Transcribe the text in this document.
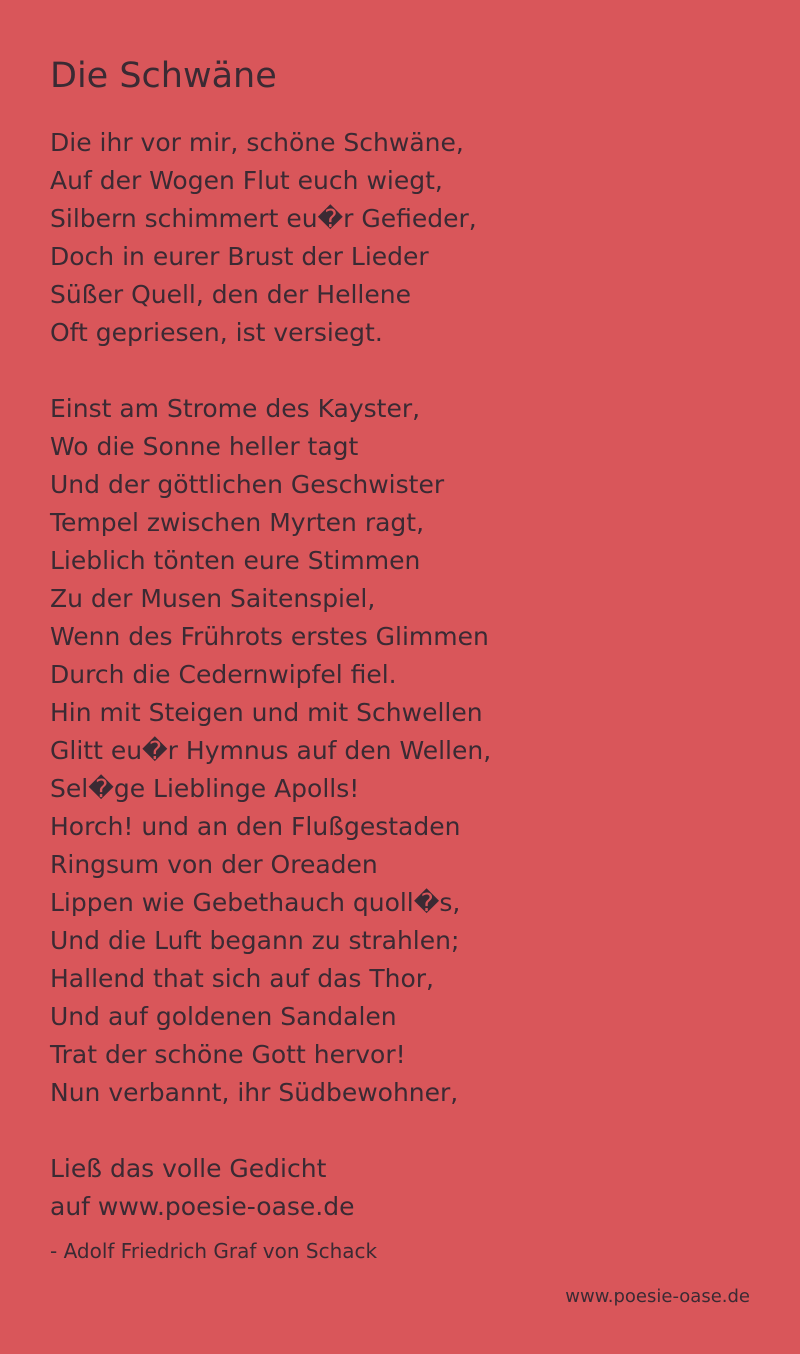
Die Schwäne
Die ihr vor mir, schöne Schwäne,
Auf der Wogen Flut euch wiegt,
Silbern schimmert eu�r Gefieder,
Doch in eurer Brust der Lieder
Süßer Quell, den der Hellene
Oft gepriesen, ist versiegt.
Einst am Strome des Kayster,
Wo die Sonne heller tagt
Und der göttlichen Geschwister
Tempel zwischen Myrten ragt,
Lieblich tönten eure Stimmen
Zu der Musen Saitenspiel,
Wenn des Frührots erstes Glimmen
Durch die Cedernwipfel fiel.
Hin mit Steigen und mit Schwellen
Glitt eu�r Hymnus auf den Wellen,
Sel�ge Lieblinge Apolls!
Horch! und an den Flußgestaden
Ringsum von der Oreaden
Lippen wie Gebethauch quoll�s,
Und die Luft begann zu strahlen;
Hallend that sich auf das Thor,
Und auf goldenen Sandalen
Trat der schöne Gott hervor!
Nun verbannt, ihr Südbewohner,
Ließ das volle Gedicht
auf www.poesie-oase.de
- Adolf Friedrich Graf von Schack
www.poesie-oase.de
